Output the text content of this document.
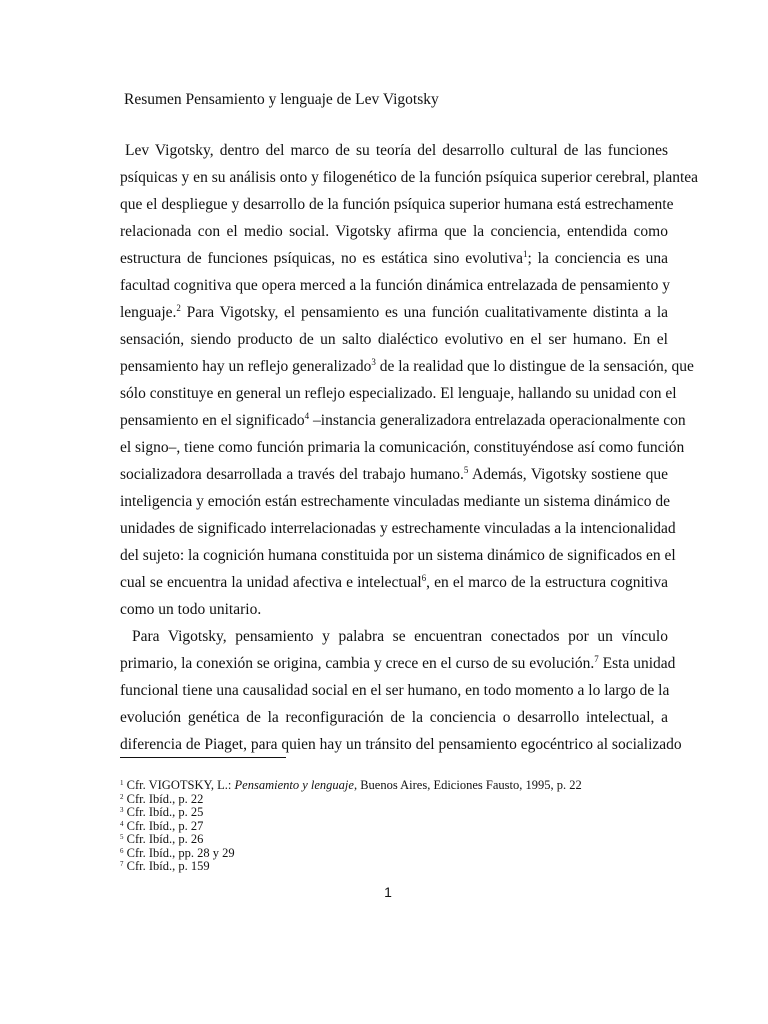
Resumen Pensamiento y lenguaje de Lev Vigotsky
Lev Vigotsky, dentro del marco de su teoría del desarrollo cultural de las funciones
psíquicas y en su análisis onto y filogenético de la función psíquica superior cerebral, plantea
que el despliegue y desarrollo de la función psíquica superior humana está estrechamente
relacionada con el medio social. Vigotsky afirma que la conciencia, entendida como
estructura de funciones psíquicas, no es estática sino evolutiva$^1$; la conciencia es una
facultad cognitiva que opera merced a la función dinámica entrelazada de pensamiento y
lenguaje.$^2$ Para Vigotsky, el pensamiento es una función cualitativamente distinta a la
sensación, siendo producto de un salto dialéctico evolutivo en el ser humano. En el
pensamiento hay un reflejo generalizado$^3$ de la realidad que lo distingue de la sensación, que
sólo constituye en general un reflejo especializado. El lenguaje, hallando su unidad con el
pensamiento en el significado$^4$ –instancia generalizadora entrelazada operacionalmente con
el signo–, tiene como función primaria la comunicación, constituyéndose así como función
socializadora desarrollada a través del trabajo humano.$^5$ Además, Vigotsky sostiene que
inteligencia y emoción están estrechamente vinculadas mediante un sistema dinámico de
unidades de significado interrelacionadas y estrechamente vinculadas a la intencionalidad
del sujeto: la cognición humana constituida por un sistema dinámico de significados en el
cual se encuentra la unidad afectiva e intelectual$^6$, en el marco de la estructura cognitiva
como un todo unitario.
Para Vigotsky, pensamiento y palabra se encuentran conectados por un vínculo
primario, la conexión se origina, cambia y crece en el curso de su evolución.$^7$ Esta unidad
funcional tiene una causalidad social en el ser humano, en todo momento a lo largo de la
evolución genética de la reconfiguración de la conciencia o desarrollo intelectual, a
diferencia de Piaget, para quien hay un tránsito del pensamiento egocéntrico al socializado
$^1$ Cfr. VIGOTSKY, L.: Pensamiento y lenguaje, Buenos Aires, Ediciones Fausto, 1995, p. 22
$^2$ Cfr. Ibíd., p. 22
$^3$ Cfr. Ibíd., p. 25
$^4$ Cfr. Ibíd., p. 27
$^5$ Cfr. Ibíd., p. 26
$^6$ Cfr. Ibíd., pp. 28 y 29
$^7$ Cfr. Ibíd., p. 159
1
